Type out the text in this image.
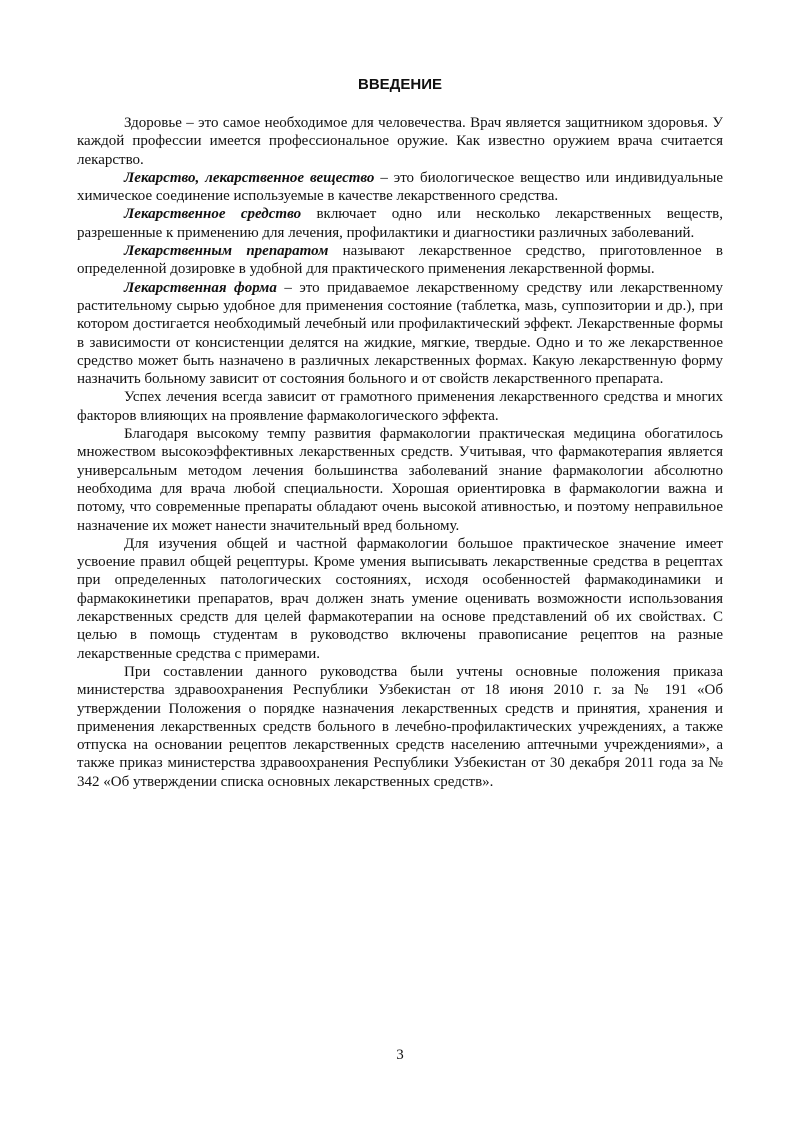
ВВЕДЕНИЕ

Здоровье – это самое необходимое для человечества. Врач является защитником здоровья. У каждой профессии имеется профессиональное оружие. Как известно оружием врача считается лекарство.

Лекарство, лекарственное вещество – это биологическое вещество или индивидуальные химическое соединение используемые в качестве лекарственного средства.

Лекарственное средство включает одно или несколько лекарственных веществ, разрешенные к применению для лечения, профилактики и диагностики различных заболеваний.

Лекарственным препаратом называют лекарственное средство, приготовленное в определенной дозировке в удобной для практического применения лекарственной формы.

Лекарственная форма – это придаваемое лекарственному средству или лекарственному растительному сырью удобное для применения состояние (таблетка, мазь, суппозитории и др.), при котором достигается необходимый лечебный или профилактический эффект. Лекарственные формы в зависимости от консистенции делятся на жидкие, мягкие, твердые. Одно и то же лекарственное средство может быть назначено в различных лекарственных формах. Какую лекарственную форму назначить больному зависит от состояния больного и от свойств лекарственного препарата.

Успех лечения всегда зависит от грамотного применения лекарственного средства и многих факторов влияющих на проявление фармакологического эффекта.

Благодаря высокому темпу развития фармакологии практическая медицина обогатилось множеством высокоэффективных лекарственных средств. Учитывая, что фармакотерапия является универсальным методом лечения большинства заболеваний знание фармакологии абсолютно необходима для врача любой специальности. Хорошая ориентировка в фармакологии важна и потому, что современные препараты обладают очень высокой ативностью, и поэтому неправильное назначение их может нанести значительный вред больному.

Для изучения общей и частной фармакологии большое практическое значение имеет усвоение правил общей рецептуры. Кроме умения выписывать лекарственные средства в рецептах при определенных патологических состояниях, исходя особенностей фармакодинамики и фармакокинетики препаратов, врач должен знать умение оценивать возможности использования лекарственных средств для целей фармакотерапии на основе представлений об их свойствах. С целью в помощь студентам в руководство включены правописание рецептов на разные лекарственные средства с примерами.

При составлении данного руководства были учтены основные положения приказа министерства здравоохранения Республики Узбекистан от 18 июня 2010 г. за № 191 «Об утверждении Положения о порядке назначения лекарственных средств и принятия, хранения и применения лекарственных средств больного в лечебно-профилактических учреждениях, а также отпуска на основании рецептов лекарственных средств населению аптечными учреждениями», а также приказ министерства здравоохранения Республики Узбекистан от 30 декабря 2011 года за № 342 «Об утверждении списка основных лекарственных средств».

3
